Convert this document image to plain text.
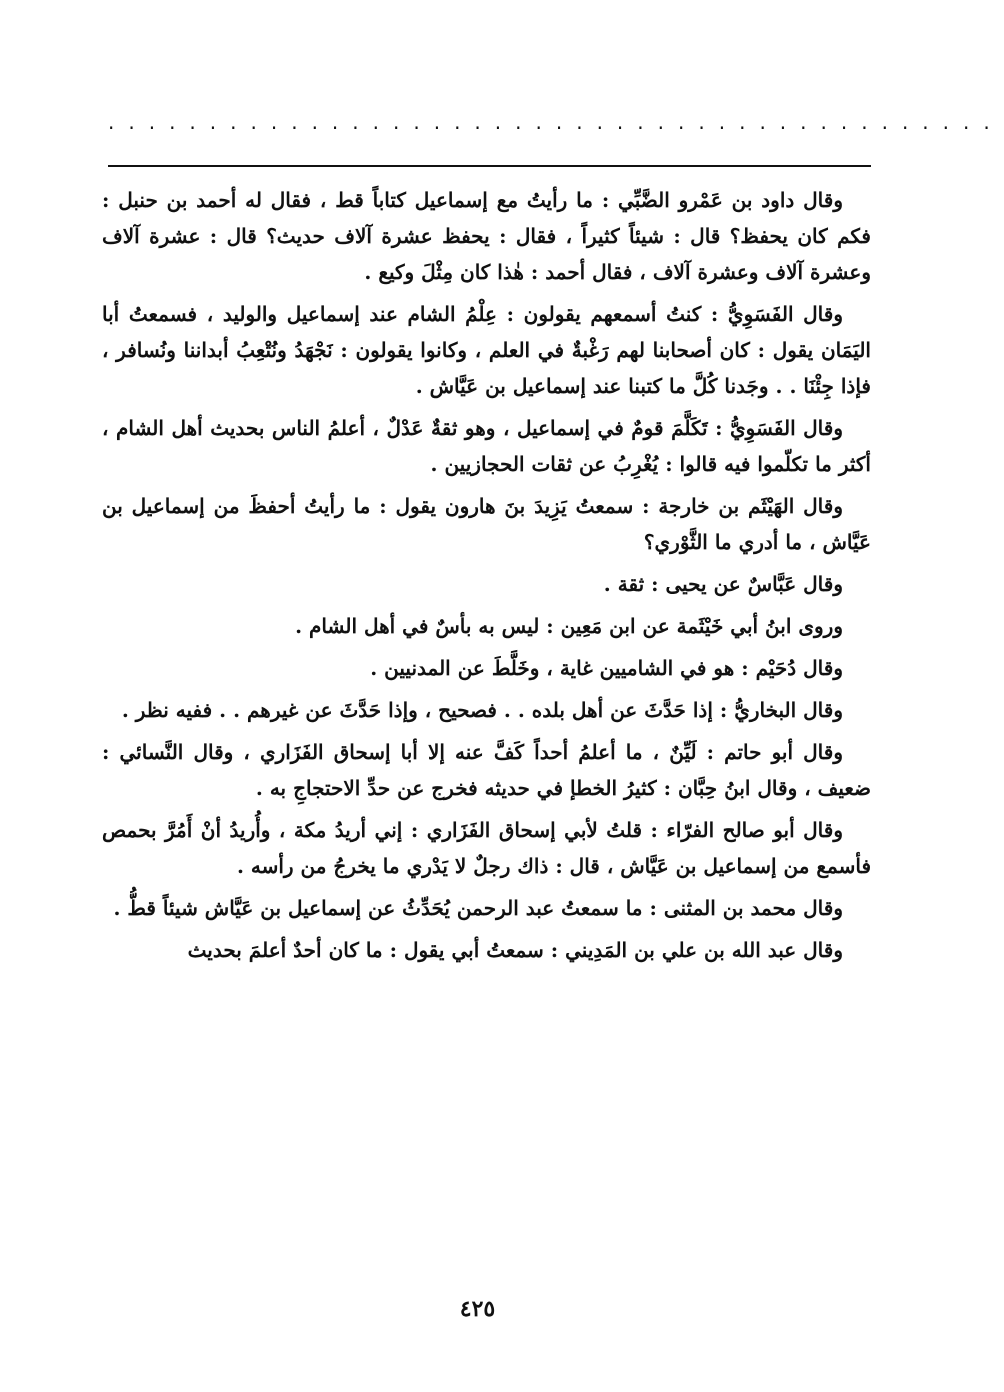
............................................

وقال داود بن عَمْرو الضَّبِّي : ما رأيتُ مع إسماعيل كتاباً قط ، فقال له أحمد بن حنبل : فكم كان يحفظ؟ قال : شيئاً كثيراً ، فقال : يحفظ عشرة آلاف حديث؟ قال : عشرة آلاف وعشرة آلاف وعشرة آلاف ، فقال أحمد : هٰذا كان مِثْلَ وكيع .

وقال الفَسَوِيُّ : كنتُ أسمعهم يقولون : عِلْمُ الشام عند إسماعيل والوليد ، فسمعتُ أبا اليَمَان يقول : كان أصحابنا لهم رَغْبةٌ في العلم ، وكانوا يقولون : نَجْهَدُ ونُتْعِبُ أبداننا ونُسافر ، فإذا جِئْنَا . . وجَدنا كُلَّ ما كتبنا عند إسماعيل بن عَيَّاش .

وقال الفَسَوِيُّ : تَكَلَّمَ قومٌ في إسماعيل ، وهو ثقةٌ عَدْلٌ ، أعلمُ الناس بحديث أهل الشام ، أكثر ما تكلّموا فيه قالوا : يُغْرِبُ عن ثقات الحجازيين .

وقال الهَيْثَم بن خارجة : سمعتُ يَزِيدَ بنَ هارون يقول : ما رأيتُ أحفظَ من إسماعيل بن عَيَّاش ، ما أدري ما الثَّوْري؟

وقال عَبَّاسٌ عن يحيى : ثقة .

وروى ابنُ أبي خَيْثَمة عن ابن مَعِين : ليس به بأسٌ في أهل الشام .

وقال دُحَيْم : هو في الشاميين غاية ، وخَلَّطَ عن المدنيين .

وقال البخاريُّ : إذا حَدَّثَ عن أهل بلده . . فصحيح ، وإذا حَدَّثَ عن غيرهم . . ففيه نظر .

وقال أبو حاتم : لَيِّنٌ ، ما أعلمُ أحداً كَفَّ عنه إلا أبا إسحاق الفَزَاري ، وقال النَّسائي : ضعيف ، وقال ابنُ حِبَّان : كثيرُ الخطإ في حديثه فخرج عن حدِّ الاحتجاجِ به .

وقال أبو صالح الفرّاء : قلتُ لأبي إسحاق الفَزَاري : إني أريدُ مكة ، وأُريدُ أنْ أَمُرَّ بحمص فأسمع من إسماعيل بن عَيَّاش ، قال : ذاك رجلٌ لا يَدْري ما يخرجُ من رأسه .

وقال محمد بن المثنى : ما سمعتُ عبد الرحمن يُحَدِّثُ عن إسماعيل بن عَيَّاش شيئاً قطُّ .

وقال عبد الله بن علي بن المَدِيني : سمعتُ أبي يقول : ما كان أحدٌ أعلمَ بحديث

٤٢٥
